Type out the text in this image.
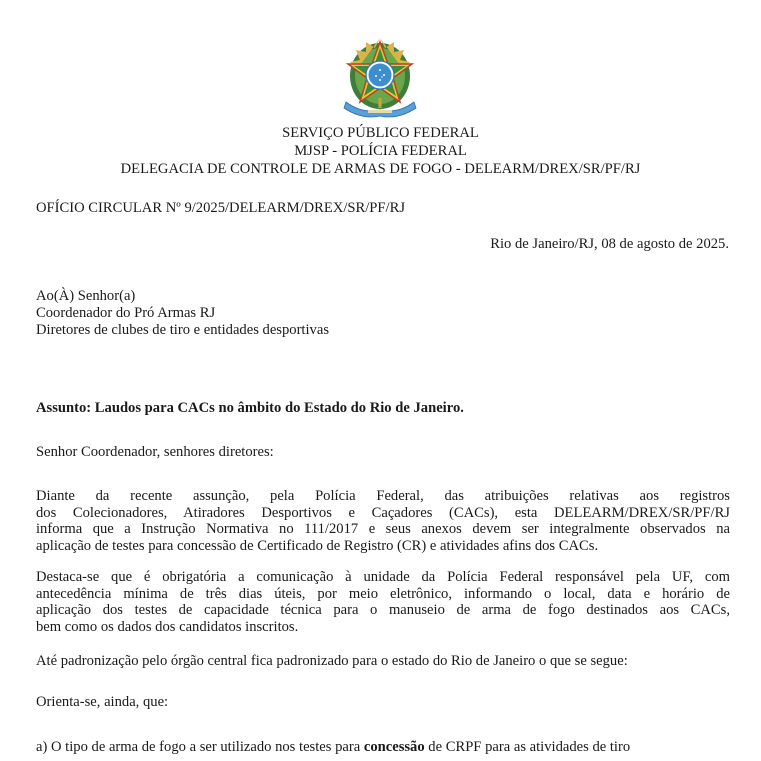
SERVIÇO PÚBLICO FEDERAL
MJSP - POLÍCIA FEDERAL
DELEGACIA DE CONTROLE DE ARMAS DE FOGO - DELEARM/DREX/SR/PF/RJ
OFÍCIO CIRCULAR Nº 9/2025/DELEARM/DREX/SR/PF/RJ
Rio de Janeiro/RJ, 08 de agosto de 2025.
Ao(À) Senhor(a)
Coordenador do Pró Armas RJ
Diretores de clubes de tiro e entidades desportivas
Assunto: Laudos para CACs no âmbito do Estado do Rio de Janeiro.
Senhor Coordenador, senhores diretores:
Diante da recente assunção, pela Polícia Federal, das atribuições relativas aos registros
dos Colecionadores, Atiradores Desportivos e Caçadores (CACs), esta DELEARM/DREX/SR/PF/RJ
informa que a Instrução Normativa no 111/2017 e seus anexos devem ser integralmente observados na
aplicação de testes para concessão de Certificado de Registro (CR) e atividades afins dos CACs.
Destaca-se que é obrigatória a comunicação à unidade da Polícia Federal responsável pela UF, com
antecedência mínima de três dias úteis, por meio eletrônico, informando o local, data e horário de
aplicação dos testes de capacidade técnica para o manuseio de arma de fogo destinados aos CACs,
bem como os dados dos candidatos inscritos.
Até padronização pelo órgão central fica padronizado para o estado do Rio de Janeiro o que se segue:
Orienta-se, ainda, que:
a) O tipo de arma de fogo a ser utilizado nos testes para concessão de CRPF para as atividades de tiro
